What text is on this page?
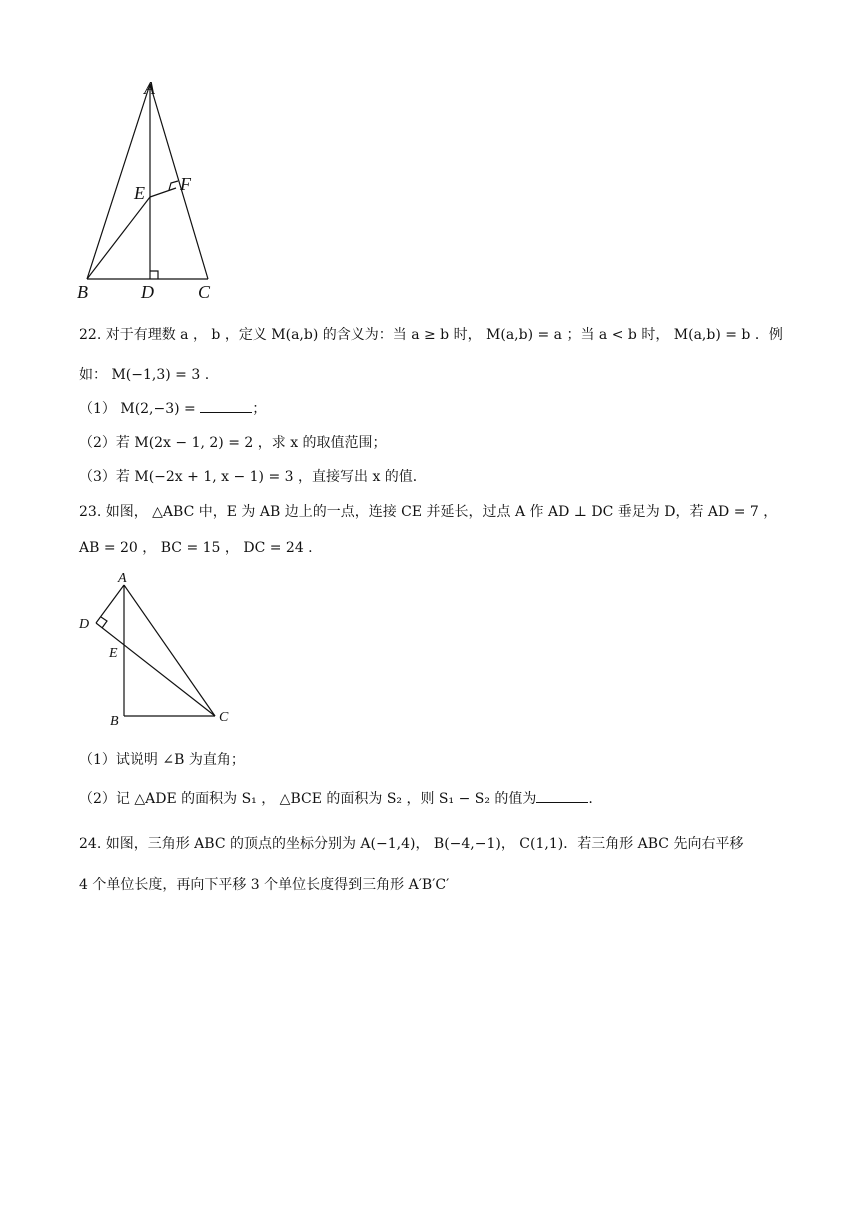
A
E F
B	D C
22. 对于有理数 a ， b ，定义 M(a,b) 的含义为：当 a ≥ b 时， M(a,b) = a ；当 a < b 时， M(a,b) = b ．例
如： M(−1,3) = 3 .
（1） M(2,−3) =	；
（2）若 M(2x − 1, 2) = 2 ，求 x 的取值范围；
（3）若 M(−2x + 1, x − 1) = 3 ，直接写出 x 的值．
23. 如图， △ABC 中，E 为 AB 边上的一点，连接 CE 并延长，过点 A 作 AD ⊥ DC 垂足为 D，若 AD = 7 ，
AB = 20 ， BC = 15 ， DC = 24 .
A
D
E
B	C
（1）试说明 ∠B 为直角；
（2）记 △ADE 的面积为 S₁ ， △BCE 的面积为 S₂ ，则 S₁ − S₂ 的值为	.
24. 如图，三角形 ABC 的顶点的坐标分别为 A(−1,4)， B(−4,−1)， C(1,1)．若三角形 ABC 先向右平移
4 个单位长度，再向下平移 3 个单位长度得到三角形 A′B′C′
